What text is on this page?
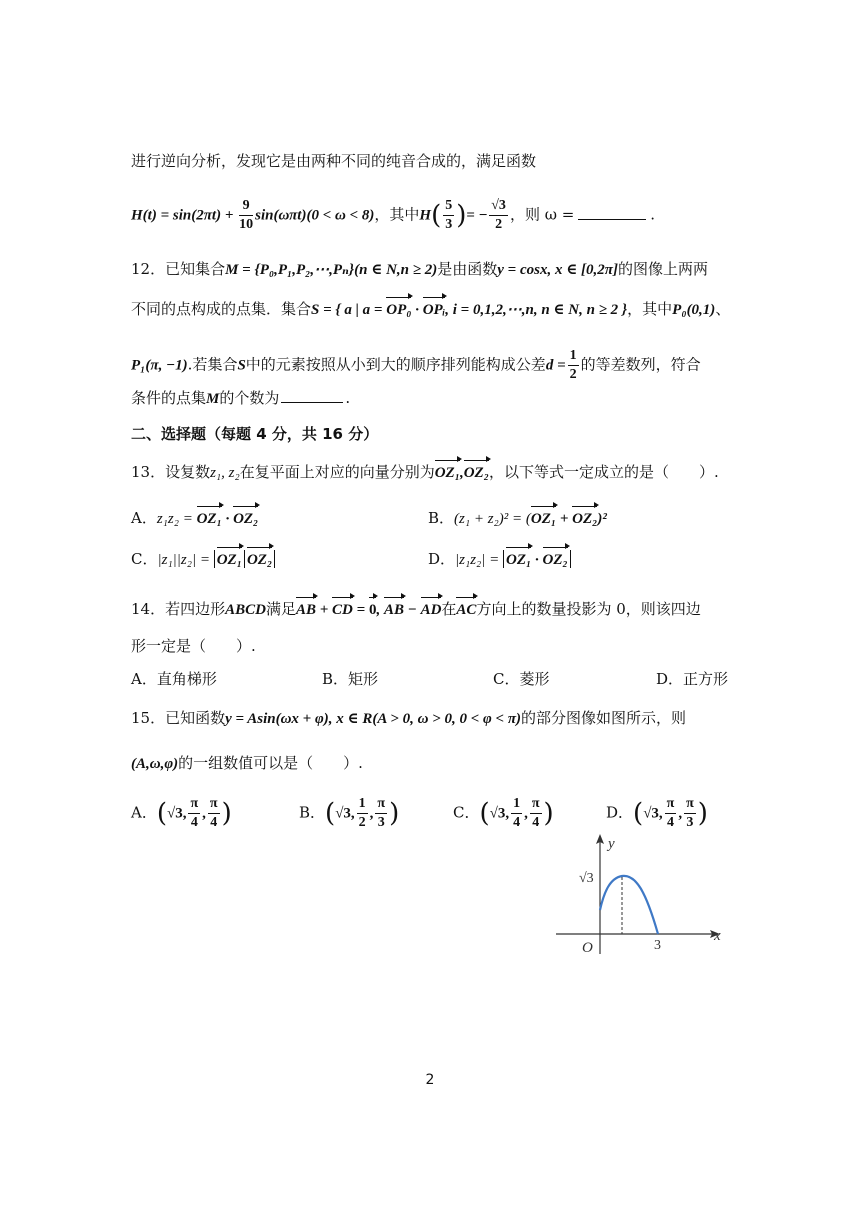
进行逆向分析，发现它是由两种不同的纯音合成的，满足函数
$H(t) = \sin(2\pi t) + \frac{9}{10} \sin(\omega\pi t)(0 < \omega < 8)$，其中$H( \frac{5}{3}$ )= − $\frac{√3}{2}$ ，则 ω =	.
12．已知集合M = {P₀,P₁,P₂,⋯,Pₙ}(n ∈ N,n ≥ 2)是由函数y = cosx, x ∈ [0,2π]的图像上两两
不同的点构成的点集．集合S = { a | a = OP₀ · OPᵢ, i = 0,1,2,⋯,n, n ∈ N, n ≥ 2 }，其中P₀(0,1)、
P₁(π, −1).若集合S中的元素按照从小到大的顺序排列能构成公差$d = \frac{1}{2}$ 的等差数列，符合
条件的点集M的个数为	.
二、选择题（每题 4 分，共 16 分）
13．设复数z₁, z₂在复平面上对应的向量分别为OZ₁,OZ₂，以下等式一定成立的是（　　）.
A．z₁z₂ = OZ₁ · OZ₂	B．(z₁ + z₂)² = (OZ₁ + OZ₂)²
C．|z₁||z₂| = OZ₁ OZ₂	D．|z₁z₂| = OZ₁ · OZ₂
14．若四边形ABCD满足AB + CD = 0, AB − AD在AC方向上的数量投影为 0，则该四边
形一定是（　　）.
A．直角梯形	B．矩形	C．菱形	D．正方形
15．已知函数y = Asin(ωx + φ), x ∈ R(A > 0, ω > 0, 0 < φ < π)的部分图像如图所示，则
(A,ω,φ)的一组数值可以是（　　）.
A．(√3, $\frac{\pi}{4}$ , $\frac{\pi}{4}$ )	B．(√3, $\frac{1}{2}$ , $\frac{\pi}{3}$ )	C．(√3, $\frac{1}{4}$ , $\frac{\pi}{4}$ )	D．(√3, $\frac{\pi}{4}$ , $\frac{\pi}{3}$ )
y
x
O
√3
3
2
